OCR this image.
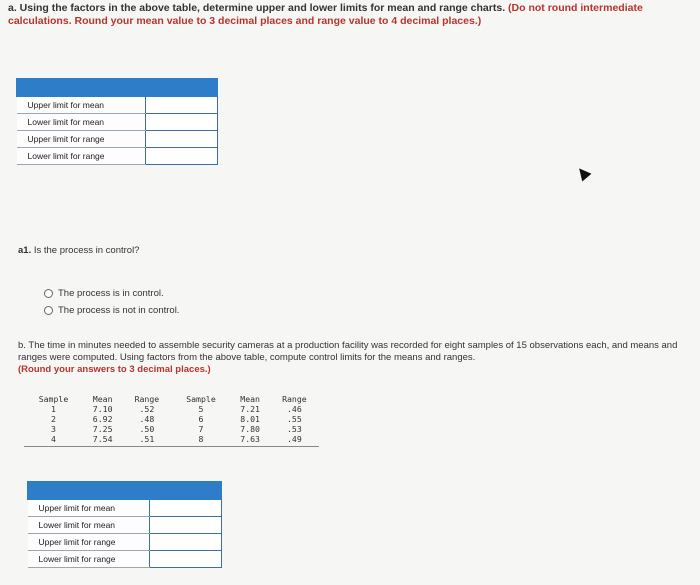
a. Using the factors in the above table, determine upper and lower limits for mean and range charts. (Do not round intermediate calculations. Round your mean value to 3 decimal places and range value to 4 decimal places.)

Upper limit for mean	
Lower limit for mean	
Upper limit for range	
Lower limit for range	
a1. Is the process in control?
The process is in control.
The process is not in control.
b. The time in minutes needed to assemble security cameras at a production facility was recorded for eight samples of 15 observations each, and means and ranges were computed. Using factors from the above table, compute control limits for the means and ranges.
(Round your answers to 3 decimal places.)
Sample	Mean	Range	Sample	Mean	Range
1	7.10	.52	5	7.21	.46
2	6.92	.48	6	8.01	.55
3	7.25	.50	7	7.80	.53
4	7.54	.51	8	7.63	.49

Upper limit for mean	
Lower limit for mean	
Upper limit for range	
Lower limit for range	
